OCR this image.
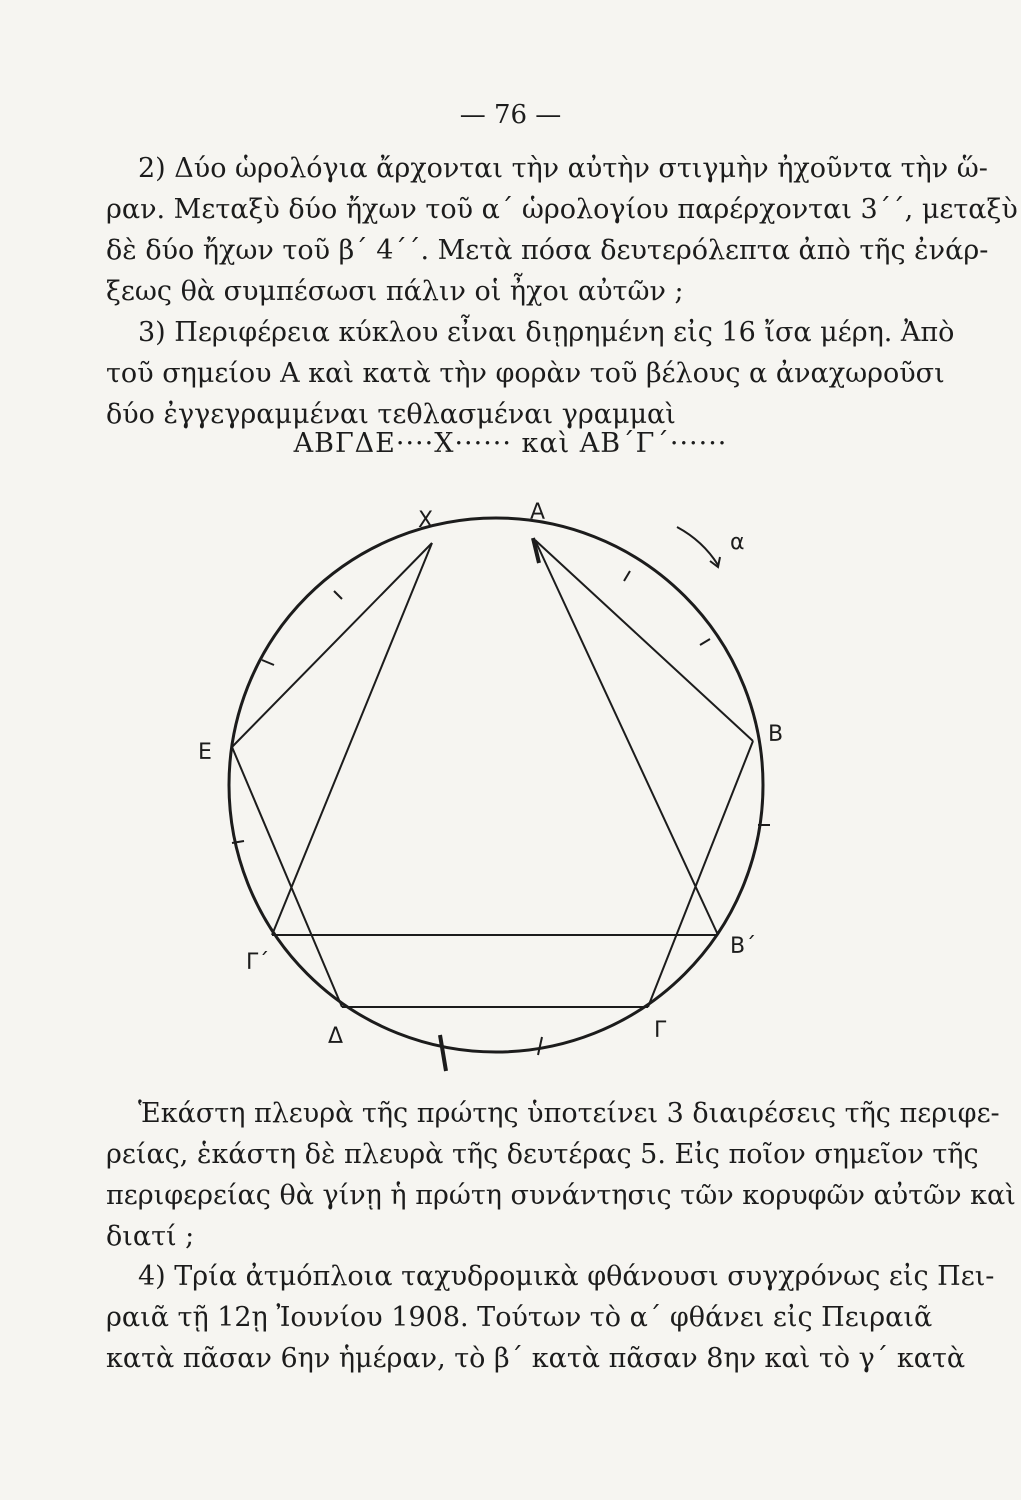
— 76 —
2) Δύο ὡρολόγια ἄρχονται τὴν αὐτὴν στιγμὴν ἠχοῦντα τὴν ὥ-
ραν. Μεταξὺ δύο ἤχων τοῦ α΄ ὡρολογίου παρέρχονται 3΄΄, μεταξὺ
δὲ δύο ἤχων τοῦ β΄ 4΄΄. Μετὰ πόσα δευτερόλεπτα ἀπὸ τῆς ἐνάρ-
ξεως θὰ συμπέσωσι πάλιν οἱ ἦχοι αὐτῶν ;
3) Περιφέρεια κύκλου εἶναι διῃρημένη εἰς 16 ἴσα μέρη. Ἀπὸ
τοῦ σημείου Α καὶ κατὰ τὴν φορὰν τοῦ βέλους α ἀναχωροῦσι
δύο ἐγγεγραμμέναι τεθλασμέναι γραμμαὶ
ΑΒΓΔΕ····Χ······ καὶ ΑΒ΄Γ΄······
X	Α
α
Β
Ε
Β΄
Γ΄
Δ	Γ
Ἑκάστη πλευρὰ τῆς πρώτης ὑποτείνει 3 διαιρέσεις τῆς περιφε-
ρείας, ἑκάστη δὲ πλευρὰ τῆς δευτέρας 5. Εἰς ποῖον σημεῖον τῆς
περιφερείας θὰ γίνῃ ἡ πρώτη συνάντησις τῶν κορυφῶν αὐτῶν καὶ
διατί ;
4) Τρία ἀτμόπλοια ταχυδρομικὰ φθάνουσι συγχρόνως εἰς Πει-
ραιᾶ τῇ 12ῃ Ἰουνίου 1908. Τούτων τὸ α΄ φθάνει εἰς Πειραιᾶ
κατὰ πᾶσαν 6ην ἡμέραν, τὸ β΄ κατὰ πᾶσαν 8ην καὶ τὸ γ΄ κατὰ
